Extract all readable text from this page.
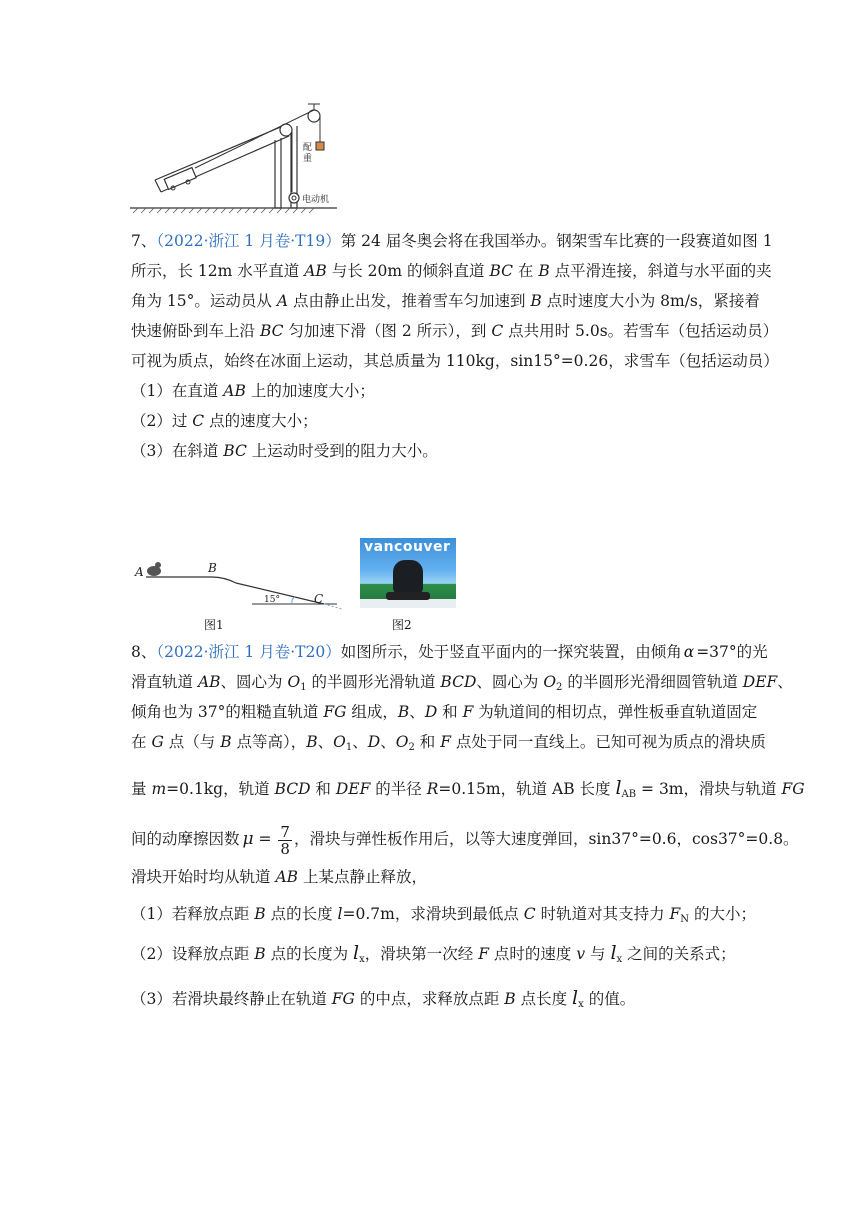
配
重
电动机
7、（2022·浙江 1 月卷·T19）第 24 届冬奥会将在我国举办。钢架雪车比赛的一段赛道如图 1
所示，长 12m 水平直道 AB 与长 20m 的倾斜直道 BC 在 B 点平滑连接，斜道与水平面的夹
角为 15°。运动员从 A 点由静止出发，推着雪车匀加速到 B 点时速度大小为 8m/s，紧接着
快速俯卧到车上沿 BC 匀加速下滑（图 2 所示），到 C 点共用时 5.0s。若雪车（包括运动员）
可视为质点，始终在冰面上运动，其总质量为 110kg，sin15°=0.26，求雪车（包括运动员）
（1）在直道 AB 上的加速度大小；
（2）过 C 点的速度大小；
（3）在斜道 BC 上运动时受到的阻力大小。
A	B
C
15°
图1
vancouver
图2
8、（2022·浙江 1 月卷·T20）如图所示，处于竖直平面内的一探究装置，由倾角 α =37°的光
滑直轨道 AB、圆心为 $O_1$ 的半圆形光滑轨道 BCD、圆心为 $O_2$ 的半圆形光滑细圆管轨道 DEF、
倾角也为 37°的粗糙直轨道 FG 组成，B、D 和 F 为轨道间的相切点，弹性板垂直轨道固定
在 G 点（与 B 点等高），B、$O_1$、D、$O_2$ 和 F 点处于同一直线上。已知可视为质点的滑块质
量 m=0.1kg，轨道 BCD 和 DEF 的半径 R=0.15m，轨道 AB 长度 $l_{AB} = 3m$，滑块与轨道 FG
间的动摩擦因数 $\mu = \frac{7}{8}$ ，滑块与弹性板作用后，以等大速度弹回，sin37°=0.6，cos37°=0.8。
滑块开始时均从轨道 AB 上某点静止释放，
（1）若释放点距 B 点的长度 l=0.7m，求滑块到最低点 C 时轨道对其支持力 $F_N$ 的大小；
（2）设释放点距 B 点的长度为 $l_x$，滑块第一次经 F 点时的速度 v 与 $l_x$ 之间的关系式；
（3）若滑块最终静止在轨道 FG 的中点，求释放点距 B 点长度 $l_x$ 的值。
